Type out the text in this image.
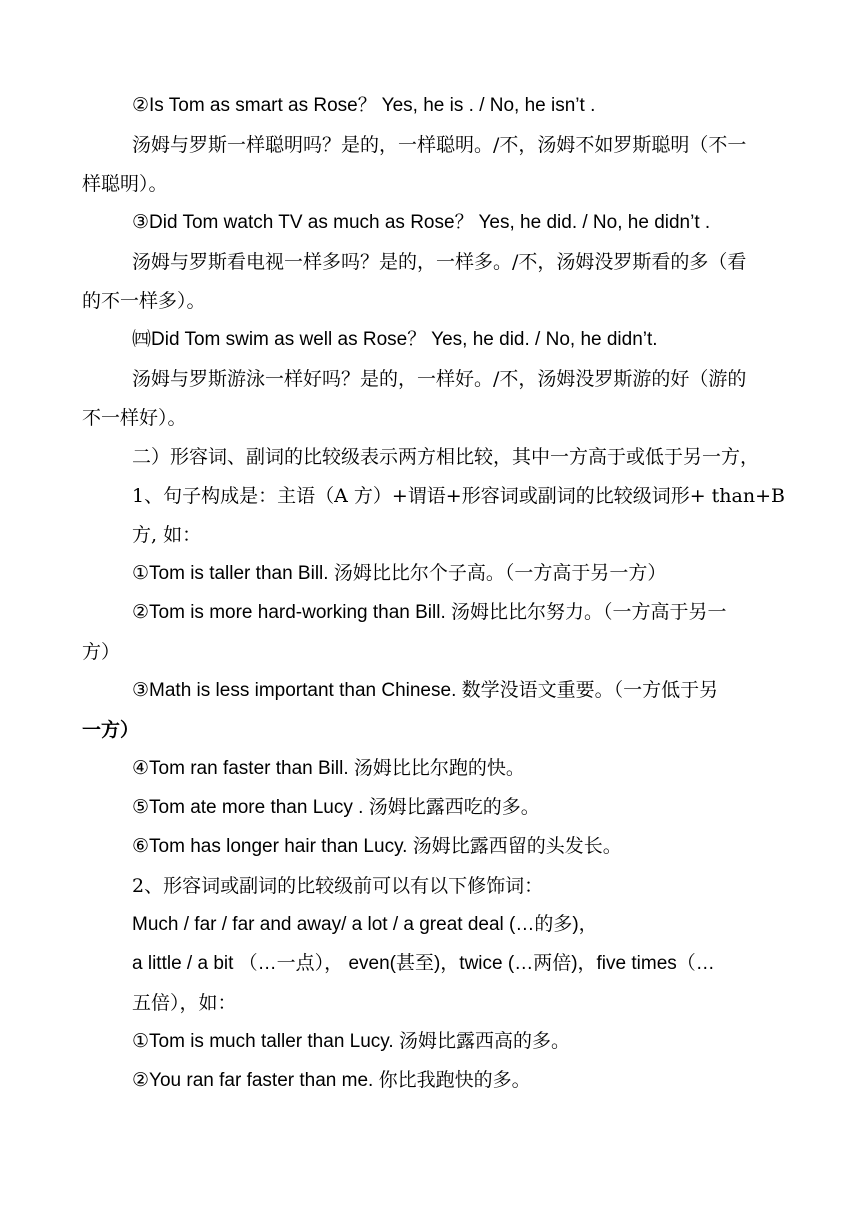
②Is Tom as smart as Rose？ Yes, he is . / No, he isn’t .
汤姆与罗斯一样聪明吗？是的，一样聪明。/不，汤姆不如罗斯聪明（不一
样聪明）。
③Did Tom watch TV as much as Rose？ Yes, he did. / No, he didn’t .
汤姆与罗斯看电视一样多吗？是的，一样多。/不，汤姆没罗斯看的多（看
的不一样多）。
㈣Did Tom swim as well as Rose？ Yes, he did. / No, he didn’t.
汤姆与罗斯游泳一样好吗？是的，一样好。/不，汤姆没罗斯游的好（游的
不一样好）。
二）形容词、副词的比较级表示两方相比较，其中一方高于或低于另一方，
1、句子构成是：主语（A 方）+谓语+形容词或副词的比较级词形+ than+B
方, 如：
①Tom is taller than Bill. 汤姆比比尔个子高。（一方高于另一方）
②Tom is more hard-working than Bill. 汤姆比比尔努力。（一方高于另一
方）
③Math is less important than Chinese. 数学没语文重要。（一方低于另
一方）
④Tom ran faster than Bill. 汤姆比比尔跑的快。
⑤Tom ate more than Lucy . 汤姆比露西吃的多。
⑥Tom has longer hair than Lucy. 汤姆比露西留的头发长。
2、形容词或副词的比较级前可以有以下修饰词：
Much / far / far and away/ a lot / a great deal (…的多)，
a little / a bit （…一点）， even(甚至)，twice (…两倍)，five times（…
五倍），如：
①Tom is much taller than Lucy. 汤姆比露西高的多。
②You ran far faster than me. 你比我跑快的多。
